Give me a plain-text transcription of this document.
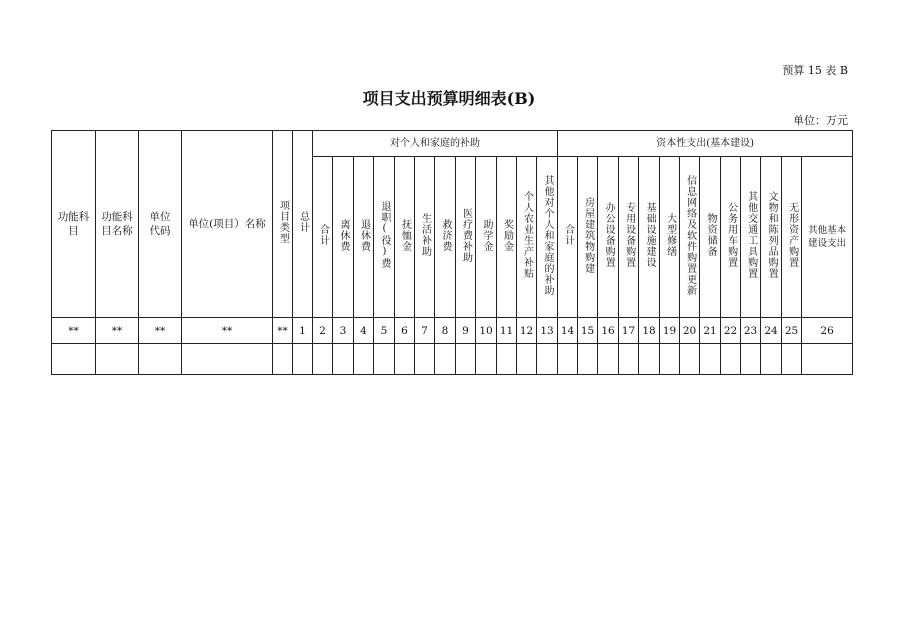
预算 15 表 B
项目支出预算明细表(B)
单位：万元
功能科目	功能科目名称	单位代码	单位(项目）名称	项目类型	总计	对个人和家庭的补助												资本性支出(基本建设)												
						合计	离休费	退休费	退职(役)费	抚恤金	生活补助	救济费	医疗费补助	助学金	奖励金	个人农业生产补贴	其他对个人和家庭的补助	合计	房屋建筑物购建	办公设备购置	专用设备购置	基础设施建设	大型修缮	信息网络及软件购置更新	物资储备	公务用车购置	其他交通工具购置	文物和陈列品购置	无形资产购置	其他基本建设支出
**	**	**	**	**	1	2	3	4	5	6	7	8	9	10	11	12	13	14	15	16	17	18	19	20	21	22	23	24	25	26
